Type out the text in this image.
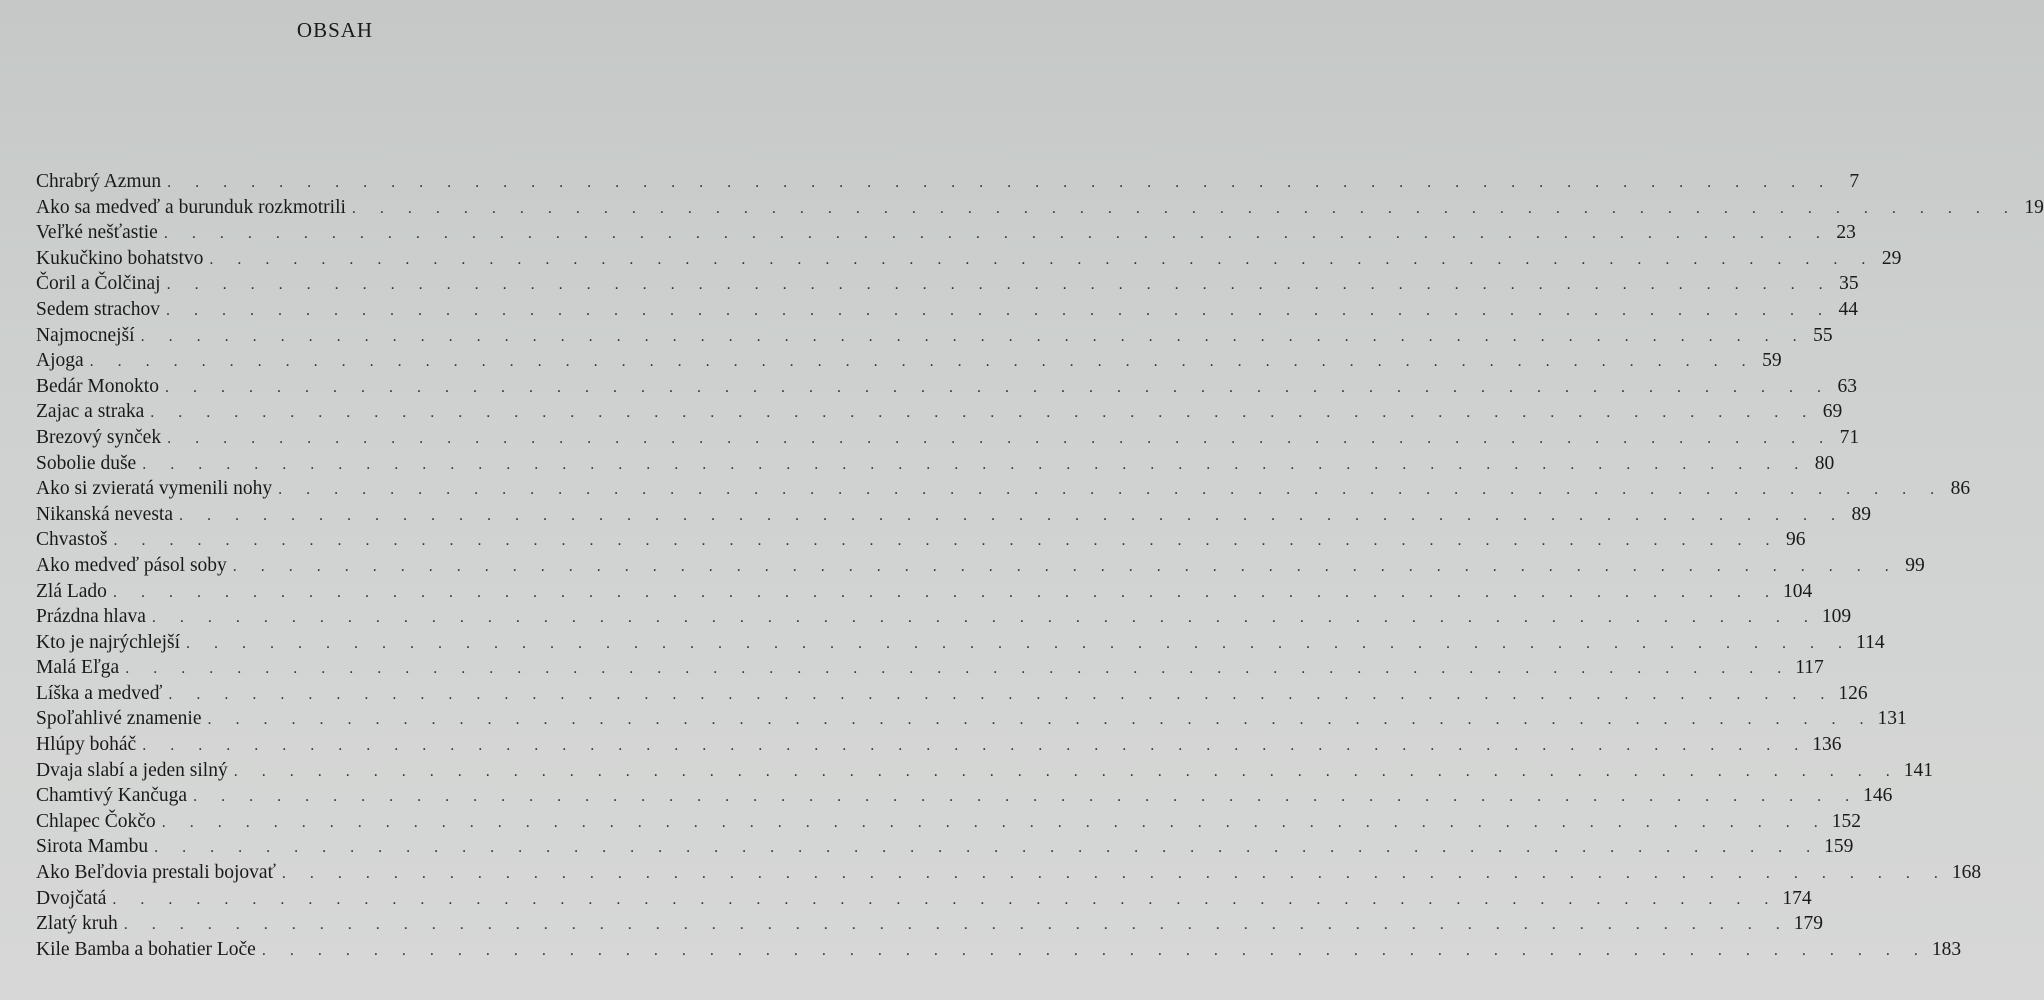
OBSAH
Chrabrý Azmun . . . . . . . . . . . . . . . . . . . . . . . . . . . . . . . . . . . . . . . . . . . . . . . . . . . . . . . . . . . . 7
Ako sa medveď a burunduk rozkmotrili . . . . . . . . . . . . . . . . . . . . . . . . . . . . . . . . . . . . . . . . . . . . . . . . . . . . . . . . . . . . 19
Veľké nešťastie . . . . . . . . . . . . . . . . . . . . . . . . . . . . . . . . . . . . . . . . . . . . . . . . . . . . . . . . . . . . 23
Kukučkino bohatstvo . . . . . . . . . . . . . . . . . . . . . . . . . . . . . . . . . . . . . . . . . . . . . . . . . . . . . . . . . . . . 29
Čoril a Čolčinaj . . . . . . . . . . . . . . . . . . . . . . . . . . . . . . . . . . . . . . . . . . . . . . . . . . . . . . . . . . . . 35
Sedem strachov . . . . . . . . . . . . . . . . . . . . . . . . . . . . . . . . . . . . . . . . . . . . . . . . . . . . . . . . . . . . 44
Najmocnejší . . . . . . . . . . . . . . . . . . . . . . . . . . . . . . . . . . . . . . . . . . . . . . . . . . . . . . . . . . . . 55
Ajoga . . . . . . . . . . . . . . . . . . . . . . . . . . . . . . . . . . . . . . . . . . . . . . . . . . . . . . . . . . . . 59
Bedár Monokto . . . . . . . . . . . . . . . . . . . . . . . . . . . . . . . . . . . . . . . . . . . . . . . . . . . . . . . . . . . . 63
Zajac a straka . . . . . . . . . . . . . . . . . . . . . . . . . . . . . . . . . . . . . . . . . . . . . . . . . . . . . . . . . . . . 69
Brezový synček . . . . . . . . . . . . . . . . . . . . . . . . . . . . . . . . . . . . . . . . . . . . . . . . . . . . . . . . . . . . 71
Sobolie duše . . . . . . . . . . . . . . . . . . . . . . . . . . . . . . . . . . . . . . . . . . . . . . . . . . . . . . . . . . . . 80
Ako si zvieratá vymenili nohy . . . . . . . . . . . . . . . . . . . . . . . . . . . . . . . . . . . . . . . . . . . . . . . . . . . . . . . . . . . . 86
Nikanská nevesta . . . . . . . . . . . . . . . . . . . . . . . . . . . . . . . . . . . . . . . . . . . . . . . . . . . . . . . . . . . . 89
Chvastoš . . . . . . . . . . . . . . . . . . . . . . . . . . . . . . . . . . . . . . . . . . . . . . . . . . . . . . . . . . . . 96
Ako medveď pásol soby . . . . . . . . . . . . . . . . . . . . . . . . . . . . . . . . . . . . . . . . . . . . . . . . . . . . . . . . . . . . 99
Zlá Lado . . . . . . . . . . . . . . . . . . . . . . . . . . . . . . . . . . . . . . . . . . . . . . . . . . . . . . . . . . . . 104
Prázdna hlava . . . . . . . . . . . . . . . . . . . . . . . . . . . . . . . . . . . . . . . . . . . . . . . . . . . . . . . . . . . . 109
Kto je najrýchlejší . . . . . . . . . . . . . . . . . . . . . . . . . . . . . . . . . . . . . . . . . . . . . . . . . . . . . . . . . . . . 114
Malá Eľga . . . . . . . . . . . . . . . . . . . . . . . . . . . . . . . . . . . . . . . . . . . . . . . . . . . . . . . . . . . . 117
Líška a medveď . . . . . . . . . . . . . . . . . . . . . . . . . . . . . . . . . . . . . . . . . . . . . . . . . . . . . . . . . . . . 126
Spoľahlivé znamenie . . . . . . . . . . . . . . . . . . . . . . . . . . . . . . . . . . . . . . . . . . . . . . . . . . . . . . . . . . . . 131
Hlúpy boháč . . . . . . . . . . . . . . . . . . . . . . . . . . . . . . . . . . . . . . . . . . . . . . . . . . . . . . . . . . . . 136
Dvaja slabí a jeden silný . . . . . . . . . . . . . . . . . . . . . . . . . . . . . . . . . . . . . . . . . . . . . . . . . . . . . . . . . . . . 141
Chamtivý Kančuga . . . . . . . . . . . . . . . . . . . . . . . . . . . . . . . . . . . . . . . . . . . . . . . . . . . . . . . . . . . . 146
Chlapec Čokčo . . . . . . . . . . . . . . . . . . . . . . . . . . . . . . . . . . . . . . . . . . . . . . . . . . . . . . . . . . . . 152
Sirota Mambu . . . . . . . . . . . . . . . . . . . . . . . . . . . . . . . . . . . . . . . . . . . . . . . . . . . . . . . . . . . . 159
Ako Beľdovia prestali bojovať . . . . . . . . . . . . . . . . . . . . . . . . . . . . . . . . . . . . . . . . . . . . . . . . . . . . . . . . . . . . 168
Dvojčatá . . . . . . . . . . . . . . . . . . . . . . . . . . . . . . . . . . . . . . . . . . . . . . . . . . . . . . . . . . . . 174
Zlatý kruh . . . . . . . . . . . . . . . . . . . . . . . . . . . . . . . . . . . . . . . . . . . . . . . . . . . . . . . . . . . . 179
Kile Bamba a bohatier Loče . . . . . . . . . . . . . . . . . . . . . . . . . . . . . . . . . . . . . . . . . . . . . . . . . . . . . . . . . . . . 183
